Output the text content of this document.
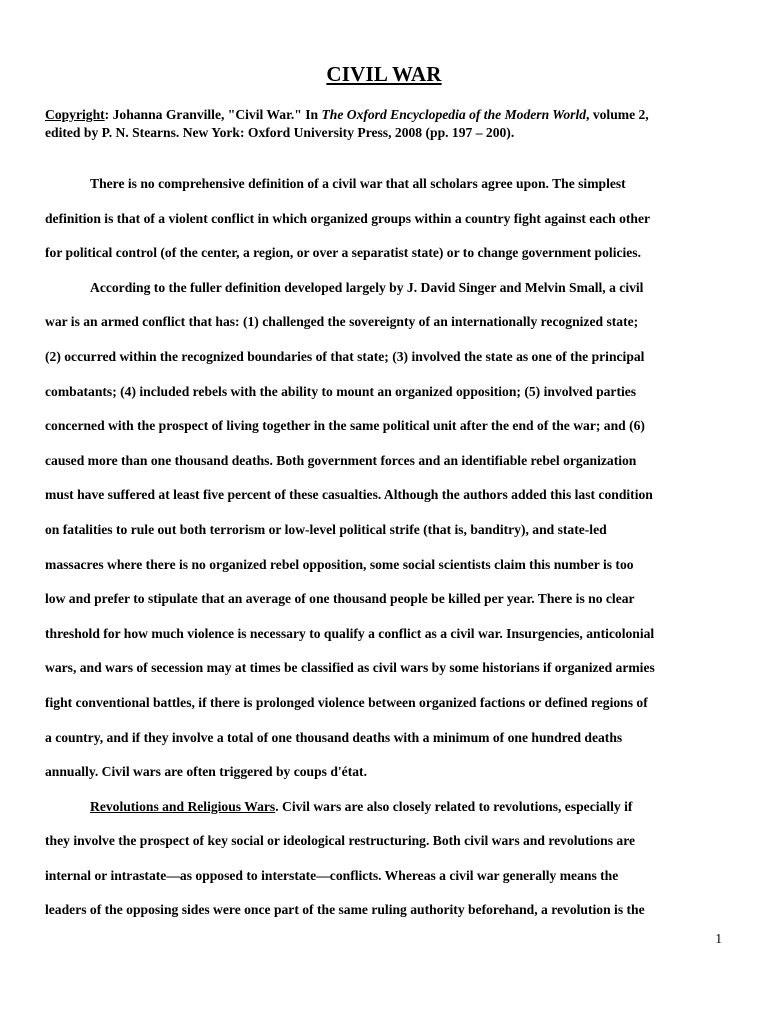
CIVIL WAR
Copyright: Johanna Granville, "Civil War." In The Oxford Encyclopedia of the Modern World, volume 2,
edited by P. N. Stearns. New York: Oxford University Press, 2008 (pp. 197 – 200).
There is no comprehensive definition of a civil war that all scholars agree upon. The simplest
definition is that of a violent conflict in which organized groups within a country fight against each other
for political control (of the center, a region, or over a separatist state) or to change government policies.
According to the fuller definition developed largely by J. David Singer and Melvin Small, a civil
war is an armed conflict that has: (1) challenged the sovereignty of an internationally recognized state;
(2) occurred within the recognized boundaries of that state; (3) involved the state as one of the principal
combatants; (4) included rebels with the ability to mount an organized opposition; (5) involved parties
concerned with the prospect of living together in the same political unit after the end of the war; and (6)
caused more than one thousand deaths. Both government forces and an identifiable rebel organization
must have suffered at least five percent of these casualties. Although the authors added this last condition
on fatalities to rule out both terrorism or low-level political strife (that is, banditry), and state-led
massacres where there is no organized rebel opposition, some social scientists claim this number is too
low and prefer to stipulate that an average of one thousand people be killed per year. There is no clear
threshold for how much violence is necessary to qualify a conflict as a civil war. Insurgencies, anticolonial
wars, and wars of secession may at times be classified as civil wars by some historians if organized armies
fight conventional battles, if there is prolonged violence between organized factions or defined regions of
a country, and if they involve a total of one thousand deaths with a minimum of one hundred deaths
annually. Civil wars are often triggered by coups d'état.
Revolutions and Religious Wars. Civil wars are also closely related to revolutions, especially if
they involve the prospect of key social or ideological restructuring. Both civil wars and revolutions are
internal or intrastate—as opposed to interstate—conflicts. Whereas a civil war generally means the
leaders of the opposing sides were once part of the same ruling authority beforehand, a revolution is the
1
